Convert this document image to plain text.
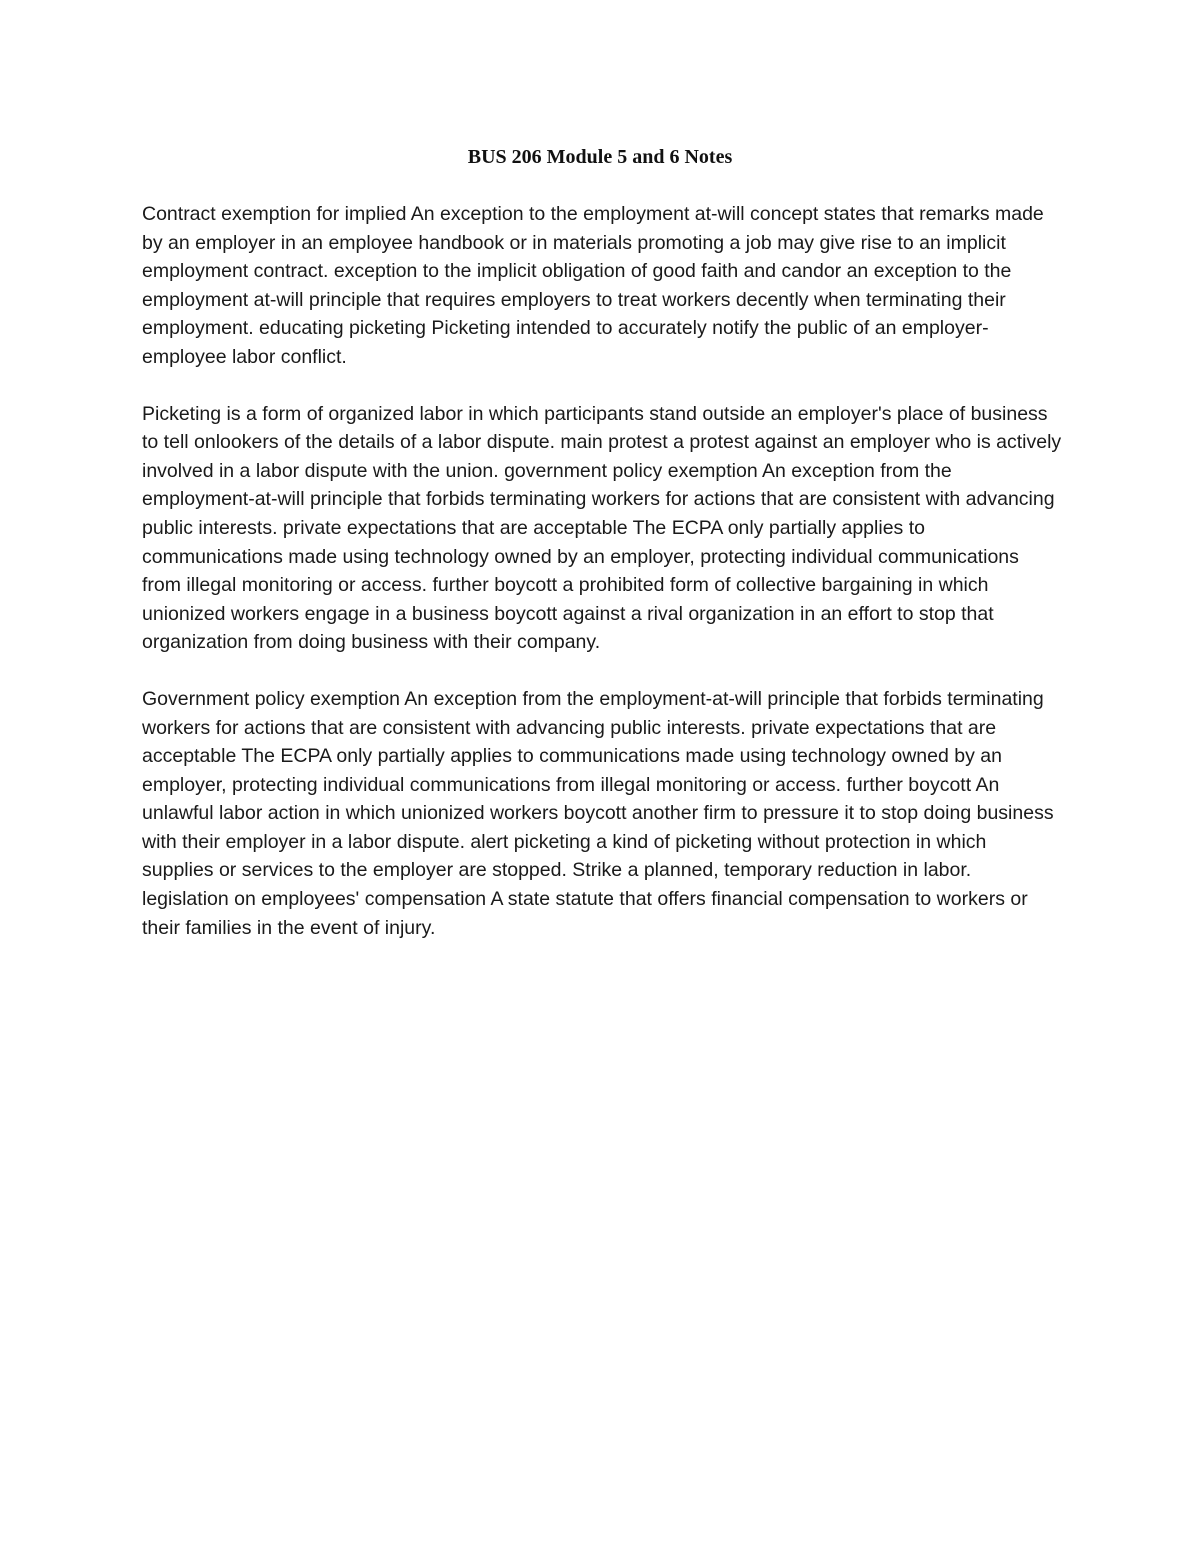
BUS 206 Module 5 and 6 Notes

Contract exemption for implied An exception to the employment at-will concept states that remarks made by an employer in an employee handbook or in materials promoting a job may give rise to an implicit employment contract. exception to the implicit obligation of good faith and candor an exception to the employment at-will principle that requires employers to treat workers decently when terminating their employment. educating picketing Picketing intended to accurately notify the public of an employer-employee labor conflict.

Picketing is a form of organized labor in which participants stand outside an employer's place of business to tell onlookers of the details of a labor dispute. main protest a protest against an employer who is actively involved in a labor dispute with the union. government policy exemption An exception from the employment-at-will principle that forbids terminating workers for actions that are consistent with advancing public interests. private expectations that are acceptable The ECPA only partially applies to communications made using technology owned by an employer, protecting individual communications from illegal monitoring or access. further boycott a prohibited form of collective bargaining in which unionized workers engage in a business boycott against a rival organization in an effort to stop that organization from doing business with their company.

Government policy exemption An exception from the employment-at-will principle that forbids terminating workers for actions that are consistent with advancing public interests. private expectations that are acceptable The ECPA only partially applies to communications made using technology owned by an employer, protecting individual communications from illegal monitoring or access. further boycott An unlawful labor action in which unionized workers boycott another firm to pressure it to stop doing business with their employer in a labor dispute. alert picketing a kind of picketing without protection in which supplies or services to the employer are stopped. Strike a planned, temporary reduction in labor. legislation on employees' compensation A state statute that offers financial compensation to workers or their families in the event of injury.
